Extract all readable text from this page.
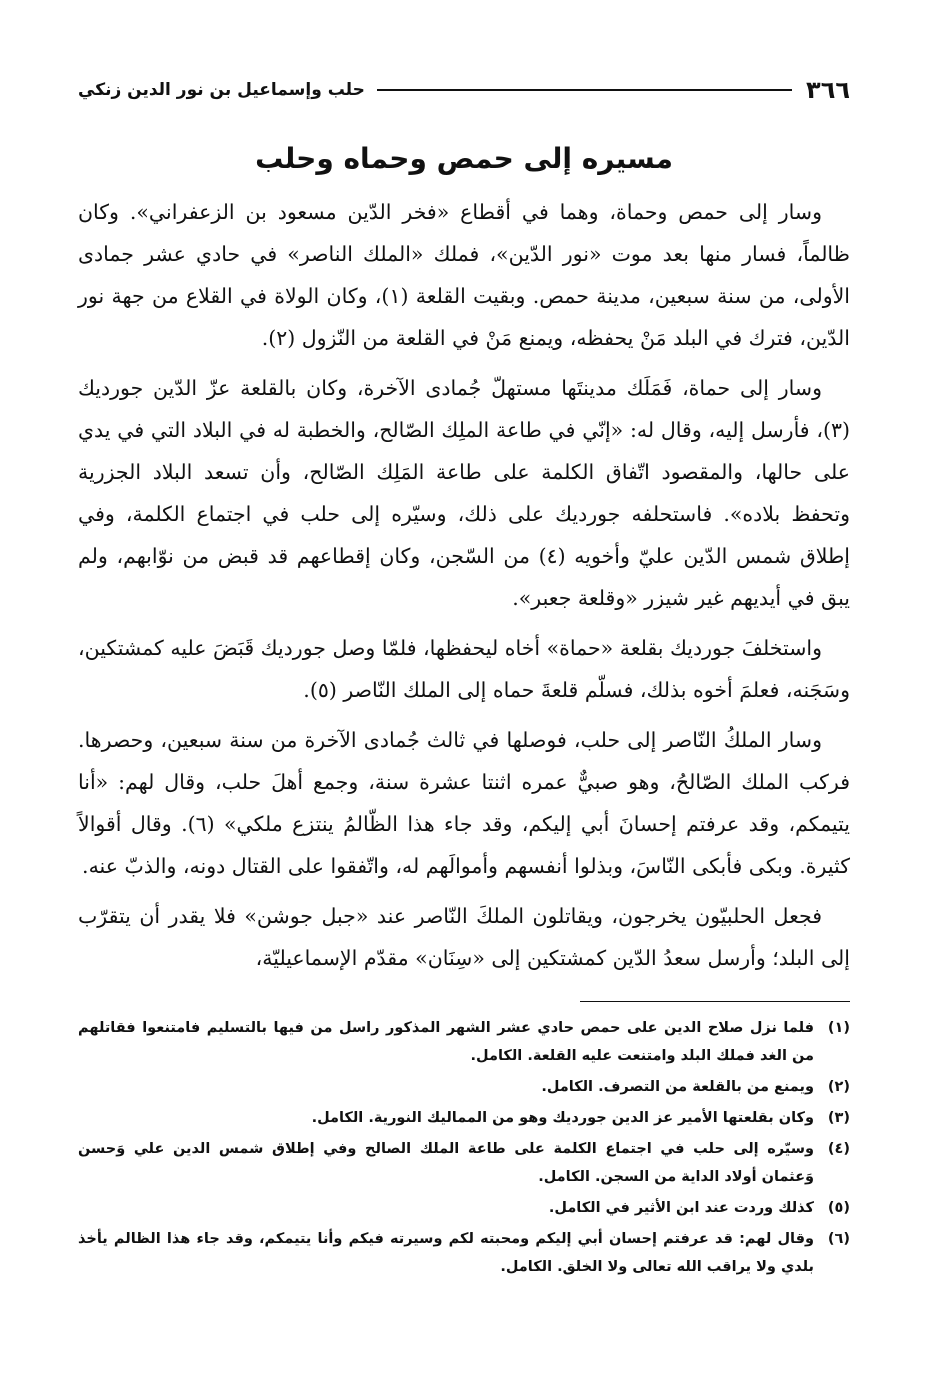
٣٦٦
حلب وإسماعيل بن نور الدين زنكي
مسيره إلى حمص وحماه وحلب

وسار إلى حمص وحماة، وهما في أقطاع «فخر الدّين مسعود بن الزعفراني». وكان ظالماً، فسار منها بعد موت «نور الدّين»، فملك «الملك الناصر» في حادي عشر جمادى الأولى، من سنة سبعين، مدينة حمص. وبقيت القلعة (١)، وكان الولاة في القلاع من جهة نور الدّين، فترك في البلد مَنْ يحفظه، ويمنع مَنْ في القلعة من النّزول (٢).

وسار إلى حماة، فَمَلَك مدينتَها مستهلّ جُمادى الآخرة، وكان بالقلعة عزّ الدّين جورديك (٣)، فأرسل إليه، وقال له: «إنّي في طاعة الملِك الصّالح، والخطبة له في البلاد التي في يدي على حالها، والمقصود اتّفاق الكلمة على طاعة المَلِك الصّالح، وأن تسعد البلاد الجزرية وتحفظ بلاده». فاستحلفه جورديك على ذلك، وسيّره إلى حلب في اجتماع الكلمة، وفي إطلاق شمس الدّين عليّ وأخويه (٤) من السّجن، وكان إقطاعهم قد قبض من نوّابهم، ولم يبق في أيديهم غير شيزر «وقلعة جعبر».

واستخلفَ جورديك بقلعة «حماة» أخاه ليحفظها، فلمّا وصل جورديك قَبَضَ عليه كمشتكين، وسَجَنه، فعلمَ أخوه بذلك، فسلّم قلعةَ حماه إلى الملك النّاصر (٥).

وسار الملكُ النّاصر إلى حلب، فوصلها في ثالث جُمادى الآخرة من سنة سبعين، وحصرها. فركب الملك الصّالحُ، وهو صبيٌّ عمره اثنتا عشرة سنة، وجمع أهلَ حلب، وقال لهم: «أنا يتيمكم، وقد عرفتم إحسانَ أبي إليكم، وقد جاء هذا الظّالمُ ينتزع ملكي» (٦). وقال أقوالاً كثيرة. وبكى فأبكى النّاسَ، وبذلوا أنفسهم وأموالَهم له، واتّفقوا على القتال دونه، والذبّ عنه.

فجعل الحلبيّون يخرجون، ويقاتلون الملكَ النّاصر عند «جبل جوشن» فلا يقدر أن يتقرّب إلى البلد؛ وأرسل سعدُ الدّين كمشتكين إلى «سِنَان» مقدّم الإسماعيليّة،

(١)
فلما نزل صلاح الدين على حمص حادي عشر الشهر المذكور راسل من فيها بالتسليم فامتنعوا فقاتلهم من الغد فملك البلد وامتنعت عليه القلعة. الكامل.
(٢)
ويمنع من بالقلعة من التصرف. الكامل.
(٣)
وكان بقلعتها الأمير عز الدين جورديك وهو من المماليك النورية. الكامل.
(٤)
وسيّره إلى حلب في اجتماع الكلمة على طاعة الملك الصالح وفي إطلاق شمس الدين علي وَحسن وَعثمان أولاد الداية من السجن. الكامل.
(٥)
كذلك وردت عند ابن الأثير في الكامل.
(٦)
وقال لهم: قد عرفتم إحسان أبي إليكم ومحبته لكم وسيرته فيكم وأنا يتيمكم، وقد جاء هذا الظالم يأخذ بلدي ولا يراقب الله تعالى ولا الخلق. الكامل.
